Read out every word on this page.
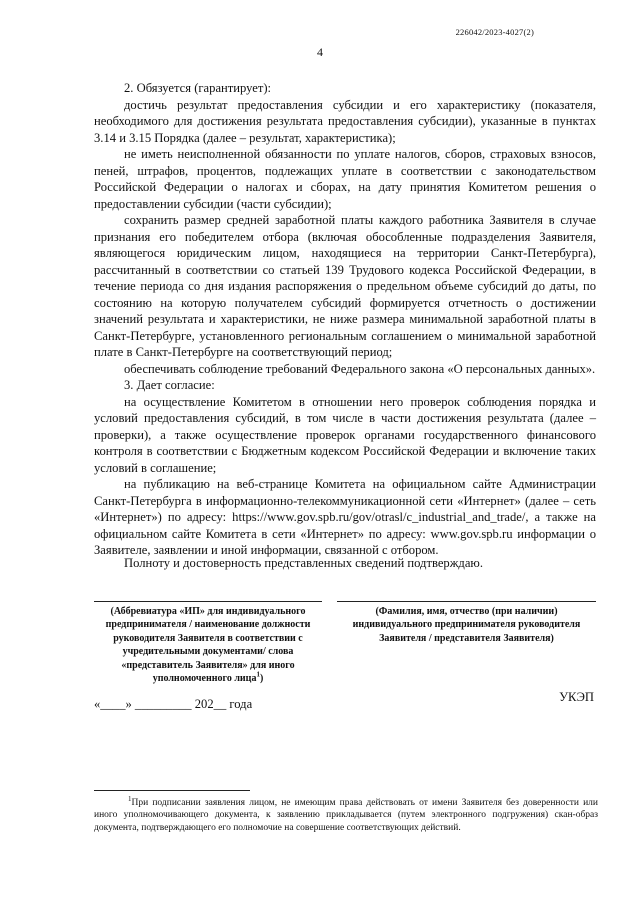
226042/2023-4027(2)
4

2. Обязуется (гарантирует):

достичь результат предоставления субсидии и его характеристику (показателя, необходимого для достижения результата предоставления субсидии), указанные в пунктах 3.14 и 3.15 Порядка (далее – результат, характеристика);

не иметь неисполненной обязанности по уплате налогов, сборов, страховых взносов, пеней, штрафов, процентов, подлежащих уплате в соответствии с законодательством Российской Федерации о налогах и сборах, на дату принятия Комитетом решения о предоставлении субсидии (части субсидии);

сохранить размер средней заработной платы каждого работника Заявителя в случае признания его победителем отбора (включая обособленные подразделения Заявителя, являющегося юридическим лицом, находящиеся на территории Санкт-Петербурга), рассчитанный в соответствии со статьей 139 Трудового кодекса Российской Федерации, в течение периода со дня издания распоряжения о предельном объеме субсидий до даты, по состоянию на которую получателем субсидий формируется отчетность о достижении значений результата и характеристики, не ниже размера минимальной заработной платы в Санкт-Петербурге, установленного региональным соглашением о минимальной заработной плате в Санкт-Петербурге на соответствующий период;

обеспечивать соблюдение требований Федерального закона «О персональных данных».

3. Дает согласие:

на осуществление Комитетом в отношении него проверок соблюдения порядка и условий предоставления субсидий, в том числе в части достижения результата (далее – проверки), а также осуществление проверок органами государственного финансового контроля в соответствии с Бюджетным кодексом Российской Федерации и включение таких условий в соглашение;

на публикацию на веб-странице Комитета на официальном сайте Администрации Санкт-Петербурга в информационно-телекоммуникационной сети «Интернет» (далее – сеть «Интернет») по адресу: https://www.gov.spb.ru/gov/otrasl/c_industrial_and_trade/, а также на официальном сайте Комитета в сети «Интернет» по адресу: www.gov.spb.ru информации о Заявителе, заявлении и иной информации, связанной с отбором.

Полноту и достоверность представленных сведений подтверждаю.
(Аббревиатура «ИП» для индивидуального предпринимателя / наименование должности руководителя Заявителя в соответствии с учредительными документами/ слова «представитель Заявителя» для иного уполномоченного лица$^1$)
(Фамилия, имя, отчество (при наличии) индивидуального предпринимателя руководителя Заявителя / представителя Заявителя)
УКЭП
«____» _________ 202__ года
$^1$При подписании заявления лицом, не имеющим права действовать от имени Заявителя без доверенности или иного уполномочивающего документа, к заявлению прикладывается (путем электронного подгружения) скан-образ документа, подтверждающего его полномочие на совершение соответствующих действий.
